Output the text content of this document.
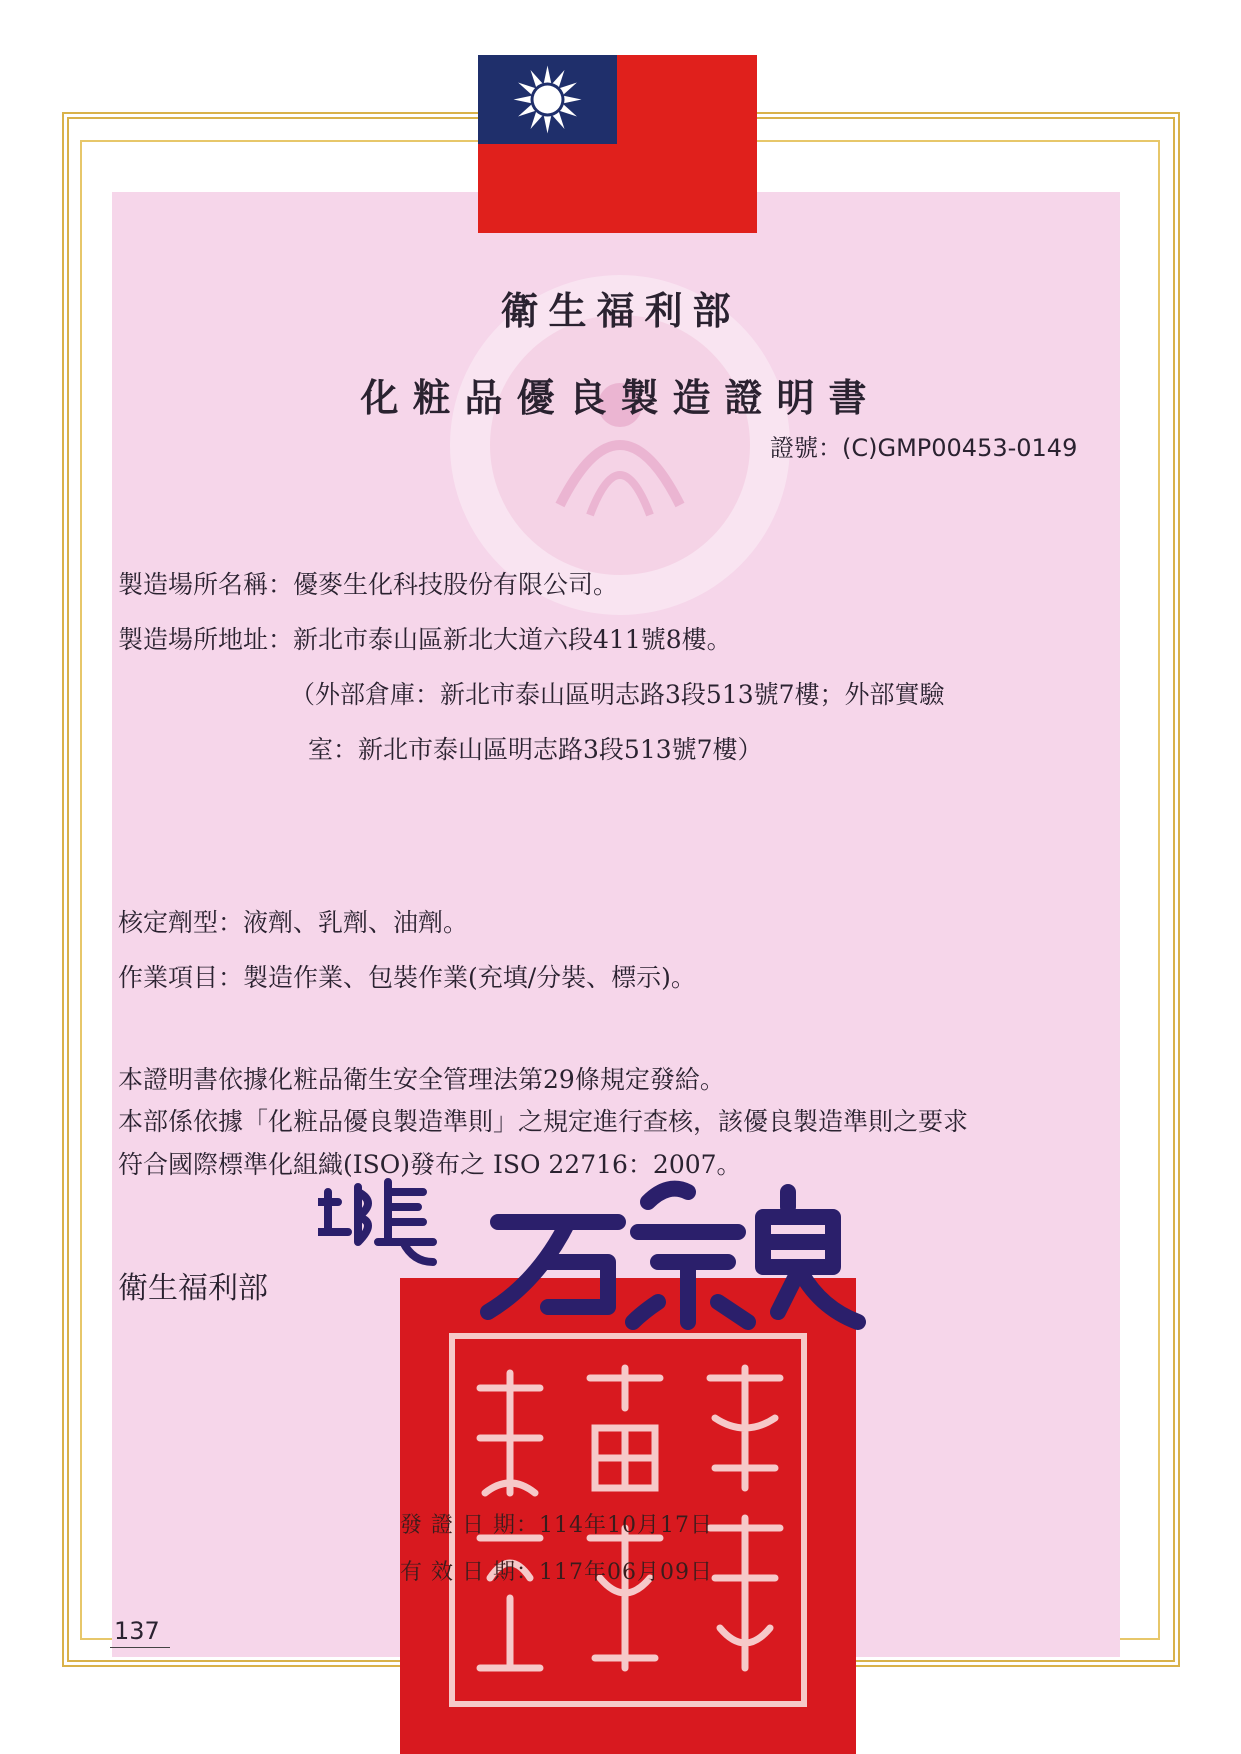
衛生福利部

化粧品優良製造證明書

證號：(C)GMP00453-0149

製造場所名稱：優麥生化科技股份有限公司。

製造場所地址：新北市泰山區新北大道六段411號8樓。

（外部倉庫：新北市泰山區明志路3段513號7樓；外部實驗

室：新北市泰山區明志路3段513號7樓）

核定劑型：液劑、乳劑、油劑。

作業項目：製造作業、包裝作業(充填/分裝、標示)。

本證明書依據化粧品衛生安全管理法第29條規定發給。

本部係依據「化粧品優良製造準則」之規定進行查核，該優良製造準則之要求

符合國際標準化組織(ISO)發布之 ISO 22716：2007。

衛生福利部

發 證 日 期：114年10月17日

有 效 日 期：117年06月09日

137
